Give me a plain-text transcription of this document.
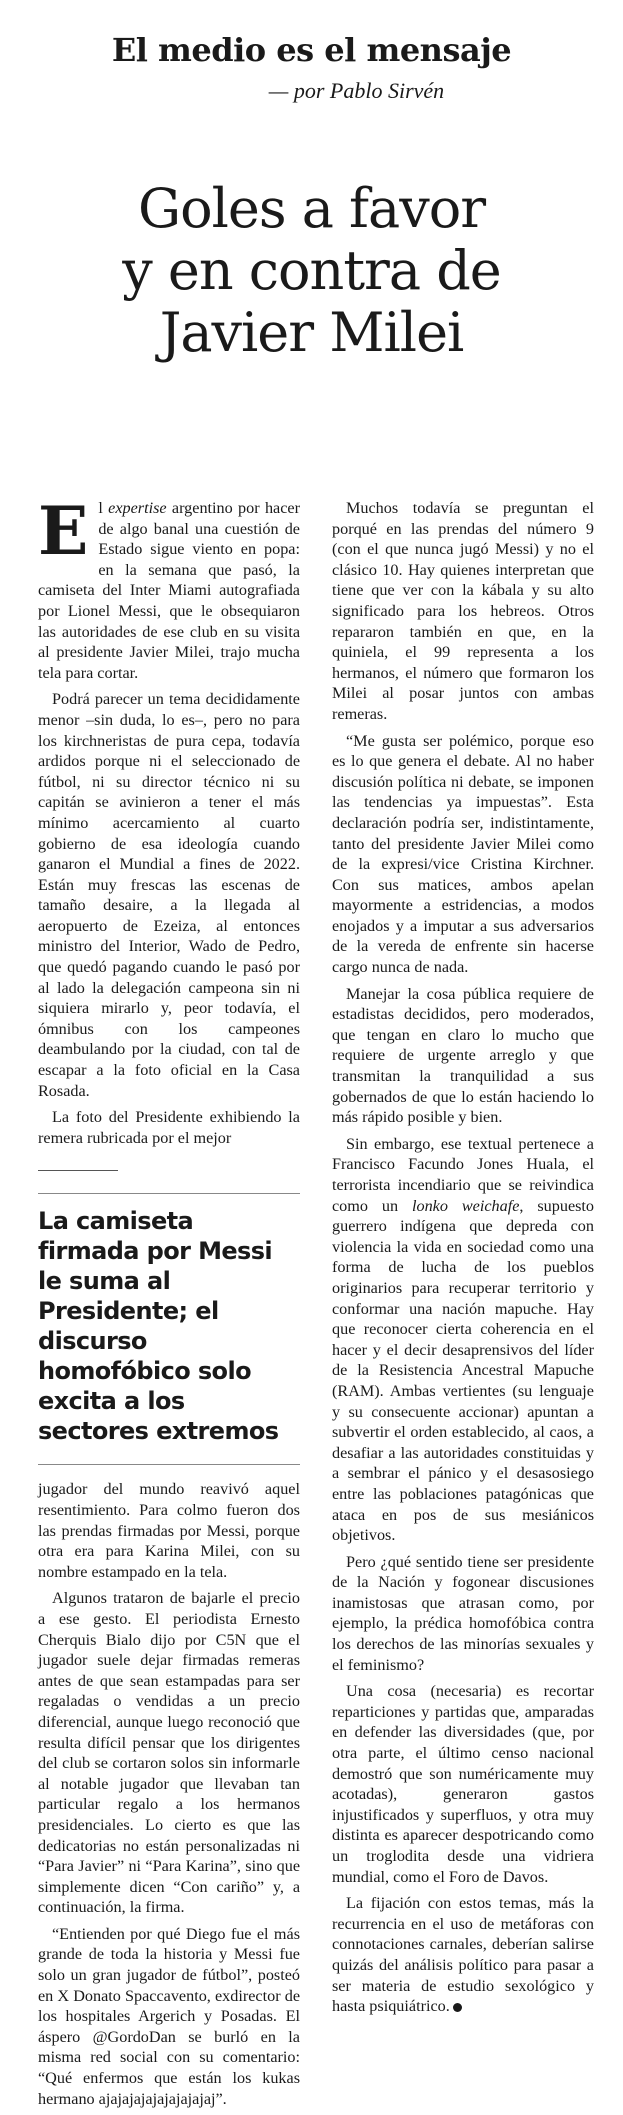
El medio es el mensaje
— por Pablo Sirvén
Goles a favor
y en contra de
Javier Milei

El expertise argentino por hacer de algo banal una cuestión de Estado sigue viento en popa: en la semana que pasó, la camiseta del Inter Miami autografiada por Lionel Messi, que le obsequiaron las autoridades de ese club en su visita al presidente Javier Milei, trajo mucha tela para cortar.

Podrá parecer un tema decididamente menor –sin duda, lo es–, pero no para los kirchneristas de pura cepa, todavía ardidos porque ni el seleccionado de fútbol, ni su director técnico ni su capitán se avinieron a tener el más mínimo acercamiento al cuarto gobierno de esa ideología cuando ganaron el Mundial a fines de 2022. Están muy frescas las escenas de tamaño desaire, a la llegada al aeropuerto de Ezeiza, al entonces ministro del Interior, Wado de Pedro, que quedó pagando cuando le pasó por al lado la delegación campeona sin ni siquiera mirarlo y, peor todavía, el ómnibus con los campeones deambulando por la ciudad, con tal de escapar a la foto oficial en la Casa Rosada.

La foto del Presidente exhibiendo la remera rubricada por el mejor

La camiseta firmada por Messi le suma al Presidente; el discurso homofóbico solo excita a los sectores extremos

jugador del mundo reavivó aquel resentimiento. Para colmo fueron dos las prendas firmadas por Messi, porque otra era para Karina Milei, con su nombre estampado en la tela.

Algunos trataron de bajarle el precio a ese gesto. El periodista Ernesto Cherquis Bialo dijo por C5N que el jugador suele dejar firmadas remeras antes de que sean estampadas para ser regaladas o vendidas a un precio diferencial, aunque luego reconoció que resulta difícil pensar que los dirigentes del club se cortaron solos sin informarle al notable jugador que llevaban tan particular regalo a los hermanos presidenciales. Lo cierto es que las dedicatorias no están personalizadas ni “Para Javier” ni “Para Karina”, sino que simplemente dicen “Con cariño” y, a continuación, la firma.

“Entienden por qué Diego fue el más grande de toda la historia y Messi fue solo un gran jugador de fútbol”, posteó en X Donato Spaccavento, exdirector de los hospitales Argerich y Posadas. El áspero @GordoDan se burló en la misma red social con su comentario: “Qué enfermos que están los kukas hermano ajajajajajajajajajaj”.

Muchos todavía se preguntan el porqué en las prendas del número 9 (con el que nunca jugó Messi) y no el clásico 10. Hay quienes interpretan que tiene que ver con la kábala y su alto significado para los hebreos. Otros repararon también en que, en la quiniela, el 99 representa a los hermanos, el número que formaron los Milei al posar juntos con ambas remeras.

“Me gusta ser polémico, porque eso es lo que genera el debate. Al no haber discusión política ni debate, se imponen las tendencias ya impuestas”. Esta declaración podría ser, indistintamente, tanto del presidente Javier Milei como de la expresi/vice Cristina Kirchner. Con sus matices, ambos apelan mayormente a estridencias, a modos enojados y a imputar a sus adversarios de la vereda de enfrente sin hacerse cargo nunca de nada.

Manejar la cosa pública requiere de estadistas decididos, pero moderados, que tengan en claro lo mucho que requiere de urgente arreglo y que transmitan la tranquilidad a sus gobernados de que lo están haciendo lo más rápido posible y bien.

Sin embargo, ese textual pertenece a Francisco Facundo Jones Huala, el terrorista incendiario que se reivindica como un lonko weichafe, supuesto guerrero indígena que depreda con violencia la vida en sociedad como una forma de lucha de los pueblos originarios para recuperar territorio y conformar una nación mapuche. Hay que reconocer cierta coherencia en el hacer y el decir desaprensivos del líder de la Resistencia Ancestral Mapuche (RAM). Ambas vertientes (su lenguaje y su consecuente accionar) apuntan a subvertir el orden establecido, al caos, a desafiar a las autoridades constituidas y a sembrar el pánico y el desasosiego entre las poblaciones patagónicas que ataca en pos de sus mesiánicos objetivos.

Pero ¿qué sentido tiene ser presidente de la Nación y fogonear discusiones inamistosas que atrasan como, por ejemplo, la prédica homofóbica contra los derechos de las minorías sexuales y el feminismo?

Una cosa (necesaria) es recortar reparticiones y partidas que, amparadas en defender las diversidades (que, por otra parte, el último censo nacional demostró que son numéricamente muy acotadas), generaron gastos injustificados y superfluos, y otra muy distinta es aparecer despotricando como un troglodita desde una vidriera mundial, como el Foro de Davos.

La fijación con estos temas, más la recurrencia en el uso de metáforas con connotaciones carnales, deberían salirse quizás del análisis político para pasar a ser materia de estudio sexológico y hasta psiquiátrico.
